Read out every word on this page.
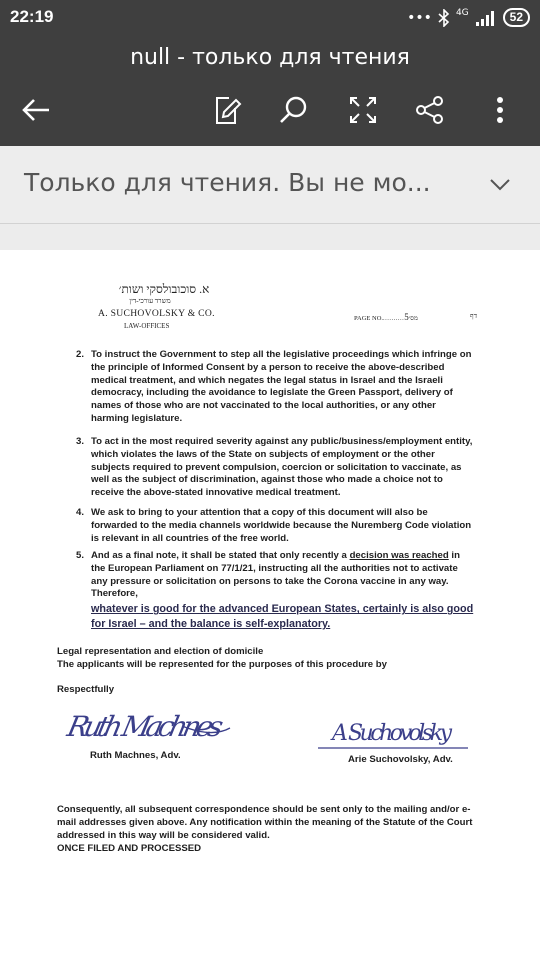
22:19	•••	4G	52
null - только для чтения
Только для чтения. Вы не мо...
א. סוכובולסקי ושות׳
משרד עורכי-דין
A. SUCHOVOLSKY & CO.
LAW-OFFICES
PAGE NO...........5מס׳	דף
2. To instruct the Government to step all the legislative proceedings which infringe on the principle of Informed Consent by a person to receive the above-described medical treatment, and which negates the legal status in Israel and the Israeli democracy, including the avoidance to legislate the Green Passport, delivery of names of those who are not vaccinated to the local authorities, or any other harming legislature.
3. To act in the most required severity against any public/business/employment entity, which violates the laws of the State on subjects of employment or the other subjects required to prevent compulsion, coercion or solicitation to vaccinate, as well as the subject of discrimination, against those who made a choice not to receive the above-stated innovative medical treatment.
4. We ask to bring to your attention that a copy of this document will also be forwarded to the media channels worldwide because the Nuremberg Code violation is relevant in all countries of the free world.
5. And as a final note, it shall be stated that only recently a decision was reached in the European Parliament on 77/1/21, instructing all the authorities not to activate any pressure or solicitation on persons to take the Corona vaccine in any way. Therefore,
whatever is good for the advanced European States, certainly is also good for Israel – and the balance is self-explanatory.
Legal representation and election of domicile
The applicants will be represented for the purposes of this procedure by
Respectfully
Ruth Machnes
Ruth Machnes, Adv.
A Suchovolsky
Arie Suchovolsky, Adv.
Consequently, all subsequent correspondence should be sent only to the mailing and/or e-mail addresses given above. Any notification within the meaning of the Statute of the Court addressed in this way will be considered valid.
ONCE FILED AND PROCESSED
